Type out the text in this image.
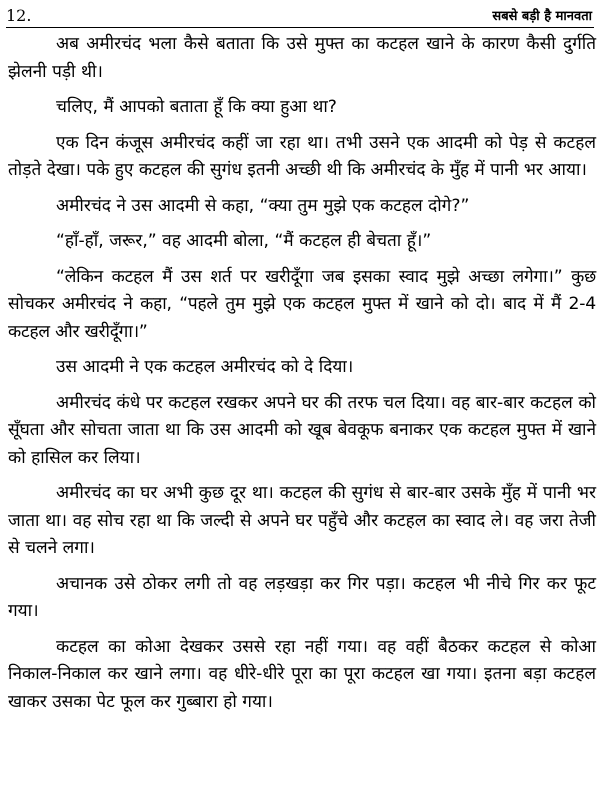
12.	सबसे बड़ी है मानवता

अब अमीरचंद भला कैसे बताता कि उसे मुफ्त का कटहल खाने के कारण कैसी दुर्गति झेलनी पड़ी थी।

चलिए, मैं आपको बताता हूँ कि क्या हुआ था?

एक दिन कंजूस अमीरचंद कहीं जा रहा था। तभी उसने एक आदमी को पेड़ से कटहल तोड़ते देखा। पके हुए कटहल की सुगंध इतनी अच्छी थी कि अमीरचंद के मुँह में पानी भर आया।

अमीरचंद ने उस आदमी से कहा, “क्या तुम मुझे एक कटहल दोगे?”

“हाँ-हाँ, जरूर,” वह आदमी बोला, “मैं कटहल ही बेचता हूँ।”

“लेकिन कटहल मैं उस शर्त पर खरीदूँगा जब इसका स्वाद मुझे अच्छा लगेगा।” कुछ सोचकर अमीरचंद ने कहा, “पहले तुम मुझे एक कटहल मुफ्त में खाने को दो। बाद में मैं 2-4 कटहल और खरीदूँगा।”

उस आदमी ने एक कटहल अमीरचंद को दे दिया।

अमीरचंद कंधे पर कटहल रखकर अपने घर की तरफ चल दिया। वह बार-बार कटहल को सूँघता और सोचता जाता था कि उस आदमी को खूब बेवकूफ बनाकर एक कटहल मुफ्त में खाने को हासिल कर लिया।

अमीरचंद का घर अभी कुछ दूर था। कटहल की सुगंध से बार-बार उसके मुँह में पानी भर जाता था। वह सोच रहा था कि जल्दी से अपने घर पहुँचे और कटहल का स्वाद ले। वह जरा तेजी से चलने लगा।

अचानक उसे ठोकर लगी तो वह लड़खड़ा कर गिर पड़ा। कटहल भी नीचे गिर कर फूट गया।

कटहल का कोआ देखकर उससे रहा नहीं गया। वह वहीं बैठकर कटहल से कोआ निकाल-निकाल कर खाने लगा। वह धीरे-धीरे पूरा का पूरा कटहल खा गया। इतना बड़ा कटहल खाकर उसका पेट फूल कर गुब्बारा हो गया।
